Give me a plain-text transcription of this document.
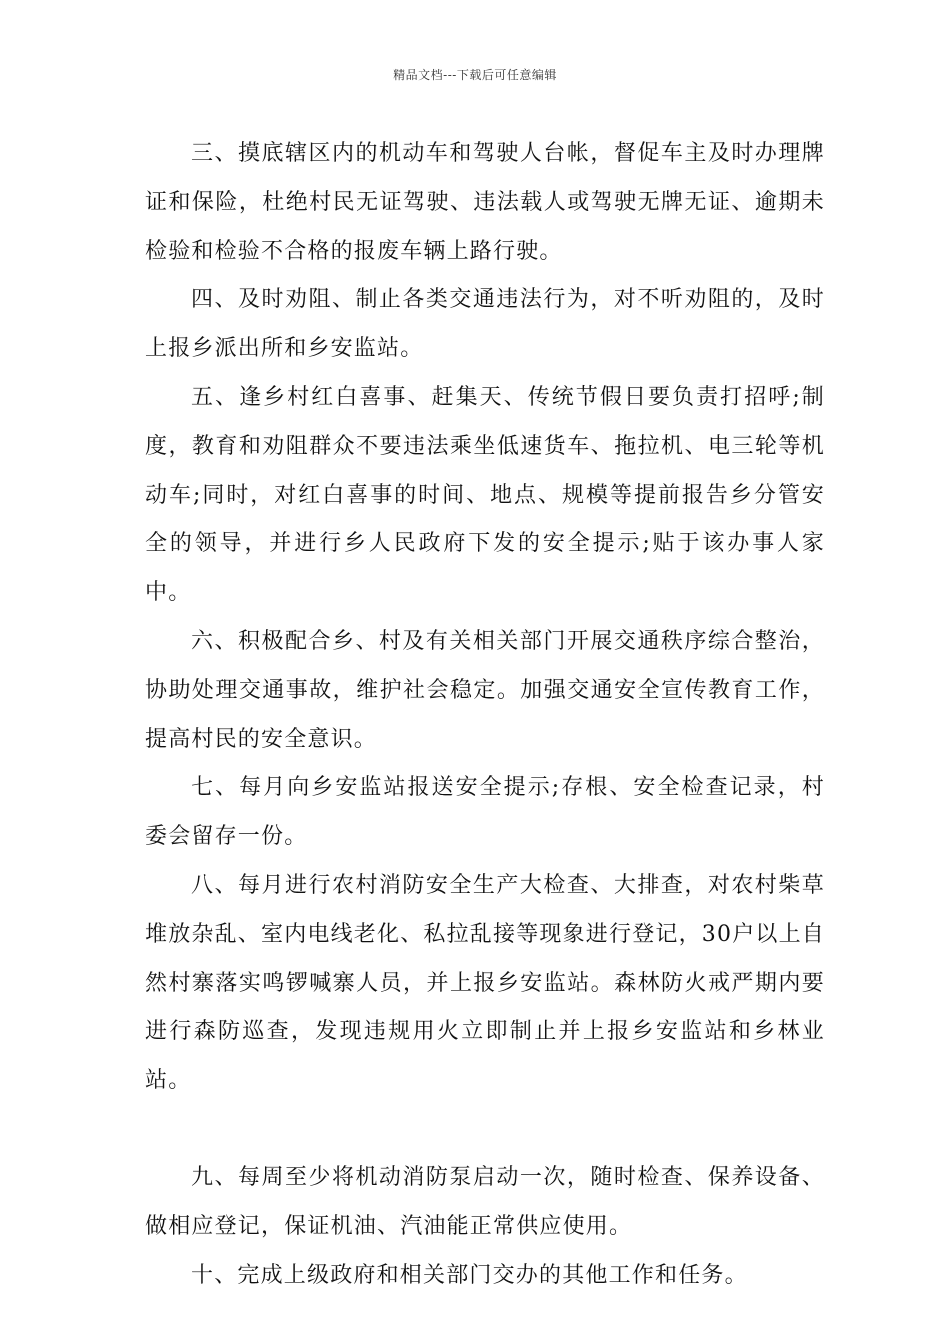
精品文档---下载后可任意编辑

三、摸底辖区内的机动车和驾驶人台帐，督促车主及时办理牌证和保险，杜绝村民无证驾驶、违法载人或驾驶无牌无证、逾期未检验和检验不合格的报废车辆上路行驶。

四、及时劝阻、制止各类交通违法行为，对不听劝阻的，及时上报乡派出所和乡安监站。

五、逢乡村红白喜事、赶集天、传统节假日要负责打招呼;制度，教育和劝阻群众不要违法乘坐低速货车、拖拉机、电三轮等机动车;同时，对红白喜事的时间、地点、规模等提前报告乡分管安全的领导，并进行乡人民政府下发的安全提示;贴于该办事人家中。

六、积极配合乡、村及有关相关部门开展交通秩序综合整治，协助处理交通事故，维护社会稳定。加强交通安全宣传教育工作，提高村民的安全意识。

七、每月向乡安监站报送安全提示;存根、安全检查记录，村委会留存一份。

八、每月进行农村消防安全生产大检查、大排查，对农村柴草堆放杂乱、室内电线老化、私拉乱接等现象进行登记，30户以上自然村寨落实鸣锣喊寨人员，并上报乡安监站。森林防火戒严期内要进行森防巡查，发现违规用火立即制止并上报乡安监站和乡林业站。

九、每周至少将机动消防泵启动一次，随时检查、保养设备、做相应登记，保证机油、汽油能正常供应使用。

十、完成上级政府和相关部门交办的其他工作和任务。
